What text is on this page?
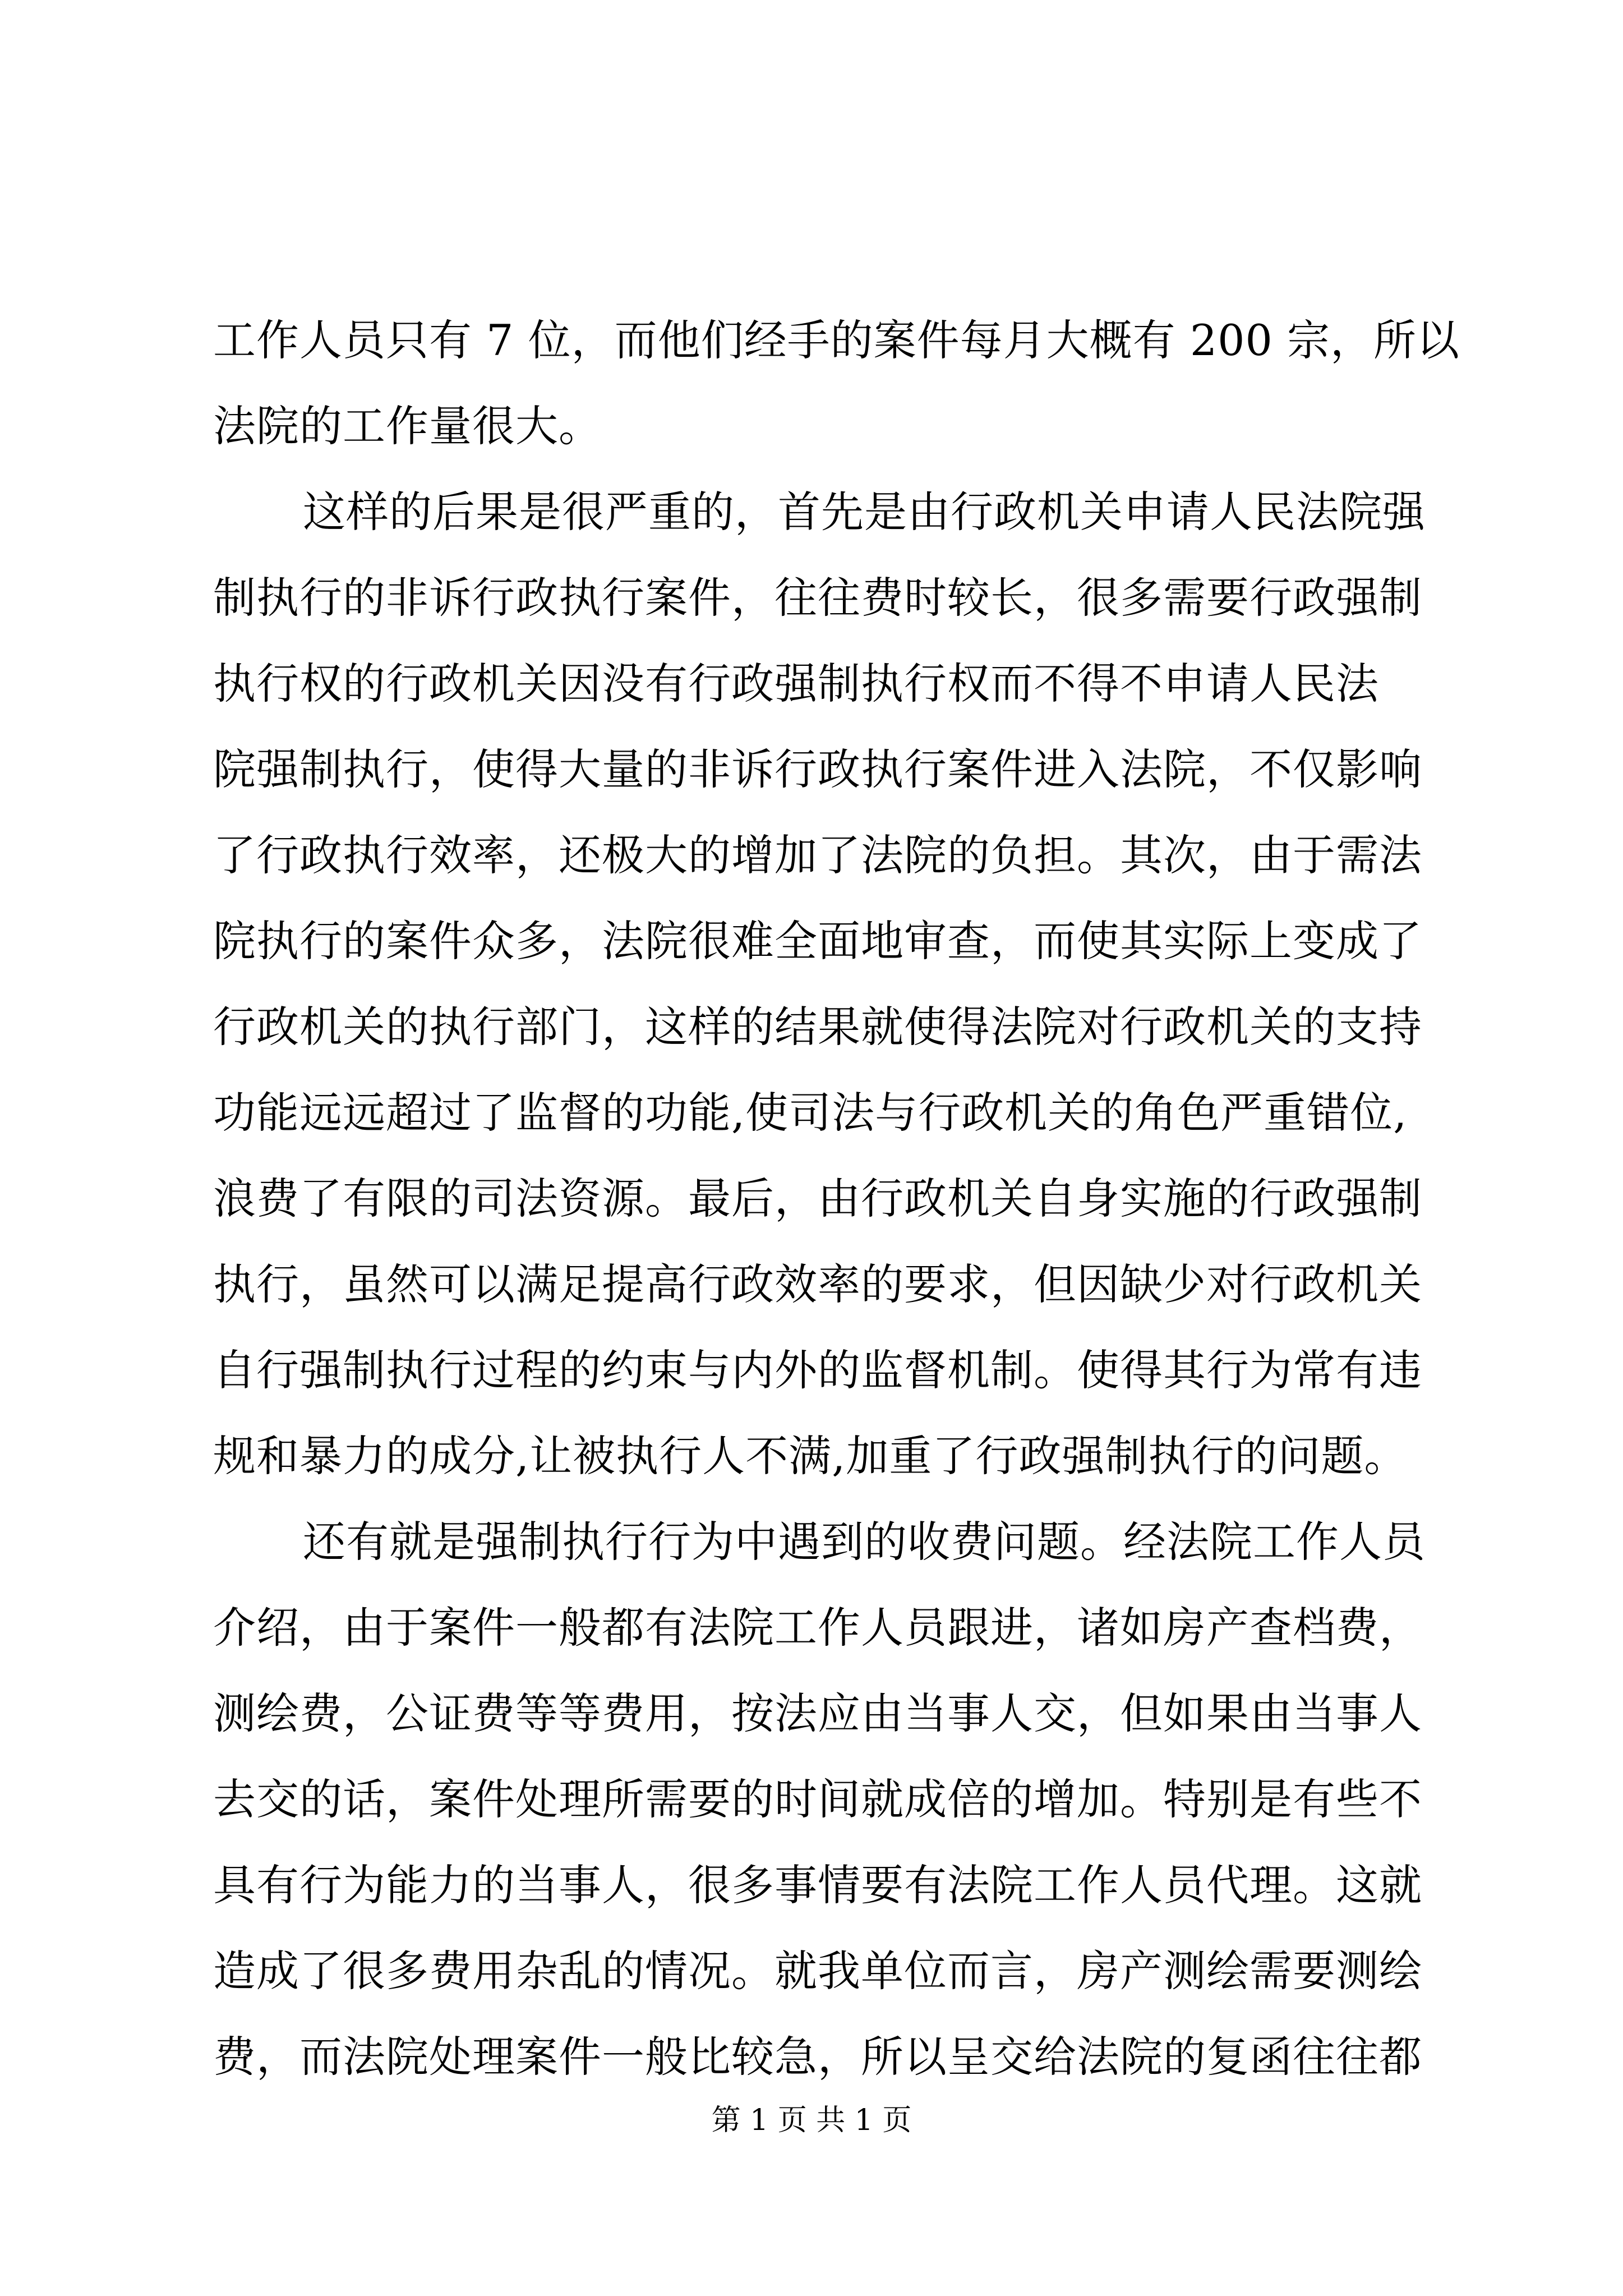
工作人员只有 7 位，而他们经手的案件每月大概有 200 宗，所以
法院的工作量很大。
这样的后果是很严重的，首先是由行政机关申请人民法院强
制执行的非诉行政执行案件，往往费时较长，很多需要行政强制
执行权的行政机关因没有行政强制执行权而不得不申请人民法
院强制执行，使得大量的非诉行政执行案件进入法院，不仅影响
了行政执行效率，还极大的增加了法院的负担。其次，由于需法
院执行的案件众多，法院很难全面地审查，而使其实际上变成了
行政机关的执行部门，这样的结果就使得法院对行政机关的支持
功能远远超过了监督的功能,使司法与行政机关的角色严重错位,
浪费了有限的司法资源。最后，由行政机关自身实施的行政强制
执行，虽然可以满足提高行政效率的要求，但因缺少对行政机关
自行强制执行过程的约束与内外的监督机制。使得其行为常有违
规和暴力的成分,让被执行人不满,加重了行政强制执行的问题。
还有就是强制执行行为中遇到的收费问题。经法院工作人员
介绍，由于案件一般都有法院工作人员跟进，诸如房产查档费，
测绘费，公证费等等费用，按法应由当事人交，但如果由当事人
去交的话，案件处理所需要的时间就成倍的增加。特别是有些不
具有行为能力的当事人，很多事情要有法院工作人员代理。这就
造成了很多费用杂乱的情况。就我单位而言，房产测绘需要测绘
费，而法院处理案件一般比较急，所以呈交给法院的复函往往都
第 1 页 共 1 页
